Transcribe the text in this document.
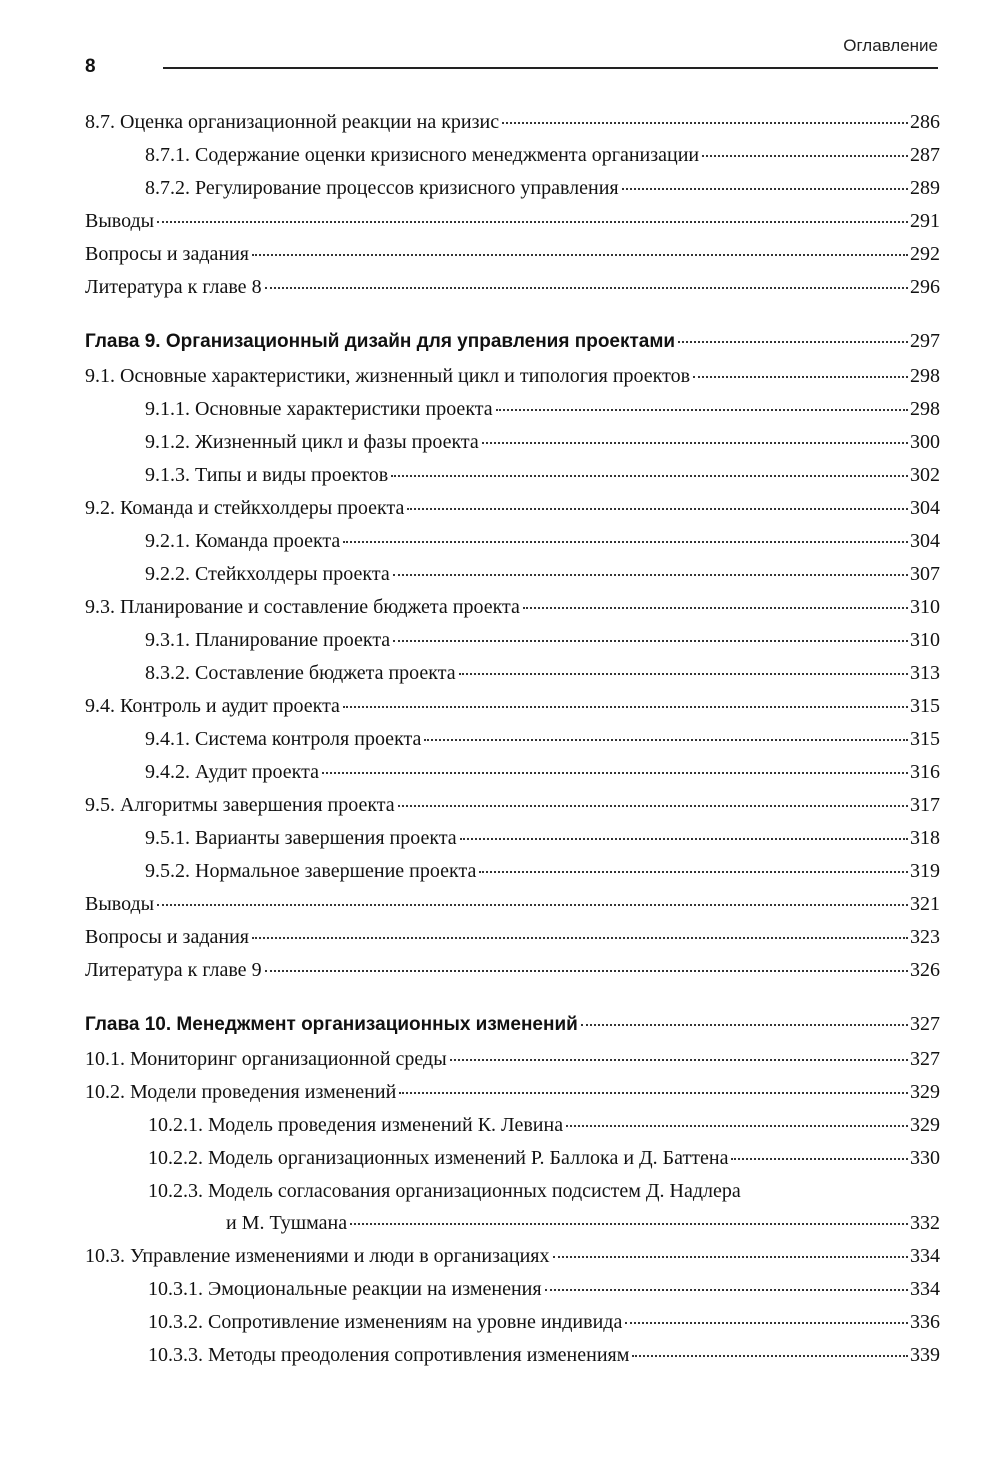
Оглавление
8
8.7. Оценка организационной реакции на кризис	286
8.7.1. Содержание оценки кризисного менеджмента организации	287
8.7.2. Регулирование процессов кризисного управления	289
Выводы	291
Вопросы и задания	292
Литература к главе 8	296
Глава 9. Организационный дизайн для управления проектами	297
9.1. Основные характеристики, жизненный цикл и типология проектов	298
9.1.1. Основные характеристики проекта	298
9.1.2. Жизненный цикл и фазы проекта	300
9.1.3. Типы и виды проектов	302
9.2. Команда и стейкхолдеры проекта	304
9.2.1. Команда проекта	304
9.2.2. Стейкхолдеры проекта	307
9.3. Планирование и составление бюджета проекта	310
9.3.1. Планирование проекта	310
8.3.2. Составление бюджета проекта	313
9.4. Контроль и аудит проекта	315
9.4.1. Система контроля проекта	315
9.4.2. Аудит проекта	316
9.5. Алгоритмы завершения проекта	317
9.5.1. Варианты завершения проекта	318
9.5.2. Нормальное завершение проекта	319
Выводы	321
Вопросы и задания	323
Литература к главе 9	326
Глава 10. Менеджмент организационных изменений	327
10.1. Мониторинг организационной среды	327
10.2. Модели проведения изменений	329
10.2.1. Модель проведения изменений К. Левина	329
10.2.2. Модель организационных изменений Р. Баллока и Д. Баттена	330
10.2.3. Модель согласования организационных подсистем Д. Надлера
и М. Тушмана	332
10.3. Управление изменениями и люди в организациях	334
10.3.1. Эмоциональные реакции на изменения	334
10.3.2. Сопротивление изменениям на уровне индивида	336
10.3.3. Методы преодоления сопротивления изменениям	339
